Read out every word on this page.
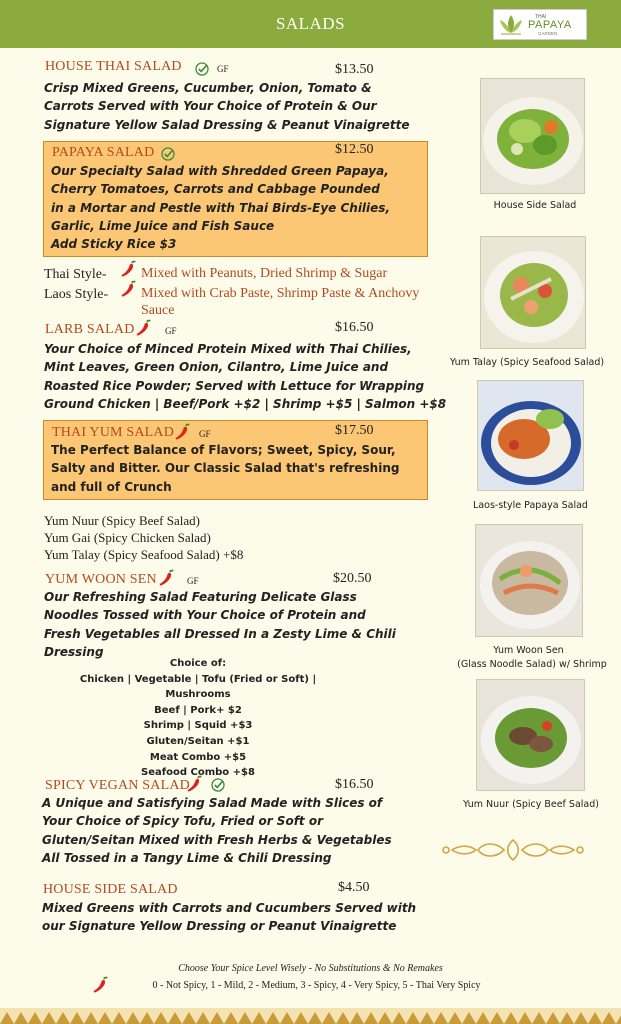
SALADS	THAI
PAPAYA
GARDEN
HOUSE THAI SALAD	GF	$13.50
Crisp Mixed Greens, Cucumber, Onion, Tomato &
Carrots Served with Your Choice of Protein & Our
Signature Yellow Salad Dressing & Peanut Vinaigrette
PAPAYA SALAD	$12.50
Our Specialty Salad with Shredded Green Papaya,
Cherry Tomatoes, Carrots and Cabbage Pounded
in a Mortar and Pestle with Thai Birds-Eye Chilies,
Garlic, Lime Juice and Fish Sauce
Add Sticky Rice $3
Thai Style- Mixed with Peanuts, Dried Shrimp & Sugar
Laos Style- Mixed with Crab Paste, Shrimp Paste & Anchovy
Sauce
LARB SALAD	GF	$16.50
Your Choice of Minced Protein Mixed with Thai Chilies,
Mint Leaves, Green Onion, Cilantro, Lime Juice and
Roasted Rice Powder; Served with Lettuce for Wrapping
Ground Chicken | Beef/Pork +$2 | Shrimp +$5 | Salmon +$8
THAI YUM SALAD	GF	$17.50
The Perfect Balance of Flavors; Sweet, Spicy, Sour,
Salty and Bitter. Our Classic Salad that's refreshing
and full of Crunch
Yum Nuur (Spicy Beef Salad)
Yum Gai (Spicy Chicken Salad)
Yum Talay (Spicy Seafood Salad) +$8
YUM WOON SEN	GF	$20.50
Our Refreshing Salad Featuring Delicate Glass
Noodles Tossed with Your Choice of Protein and
Fresh Vegetables all Dressed In a Zesty Lime & Chili
Dressing
Choice of:
Chicken | Vegetable | Tofu (Fried or Soft) | Mushrooms
Beef | Pork+ $2
Shrimp | Squid +$3
Gluten/Seitan +$1
Meat Combo +$5
Seafood Combo +$8
SPICY VEGAN SALAD	$16.50
A Unique and Satisfying Salad Made with Slices of
Your Choice of Spicy Tofu, Fried or Soft or
Gluten/Seitan Mixed with Fresh Herbs & Vegetables
All Tossed in a Tangy Lime & Chili Dressing
HOUSE SIDE SALAD	$4.50
Mixed Greens with Carrots and Cucumbers Served with
our Signature Yellow Dressing or Peanut Vinaigrette
House Side Salad
Yum Talay (Spicy Seafood Salad)
Laos-style Papaya Salad
Yum Woon Sen
(Glass Noodle Salad) w/ Shrimp
Yum Nuur (Spicy Beef Salad)
Choose Your Spice Level Wisely - No Substitutions & No Remakes
0 - Not Spicy, 1 - Mild, 2 - Medium, 3 - Spicy, 4 - Very Spicy, 5 - Thai Very Spicy
